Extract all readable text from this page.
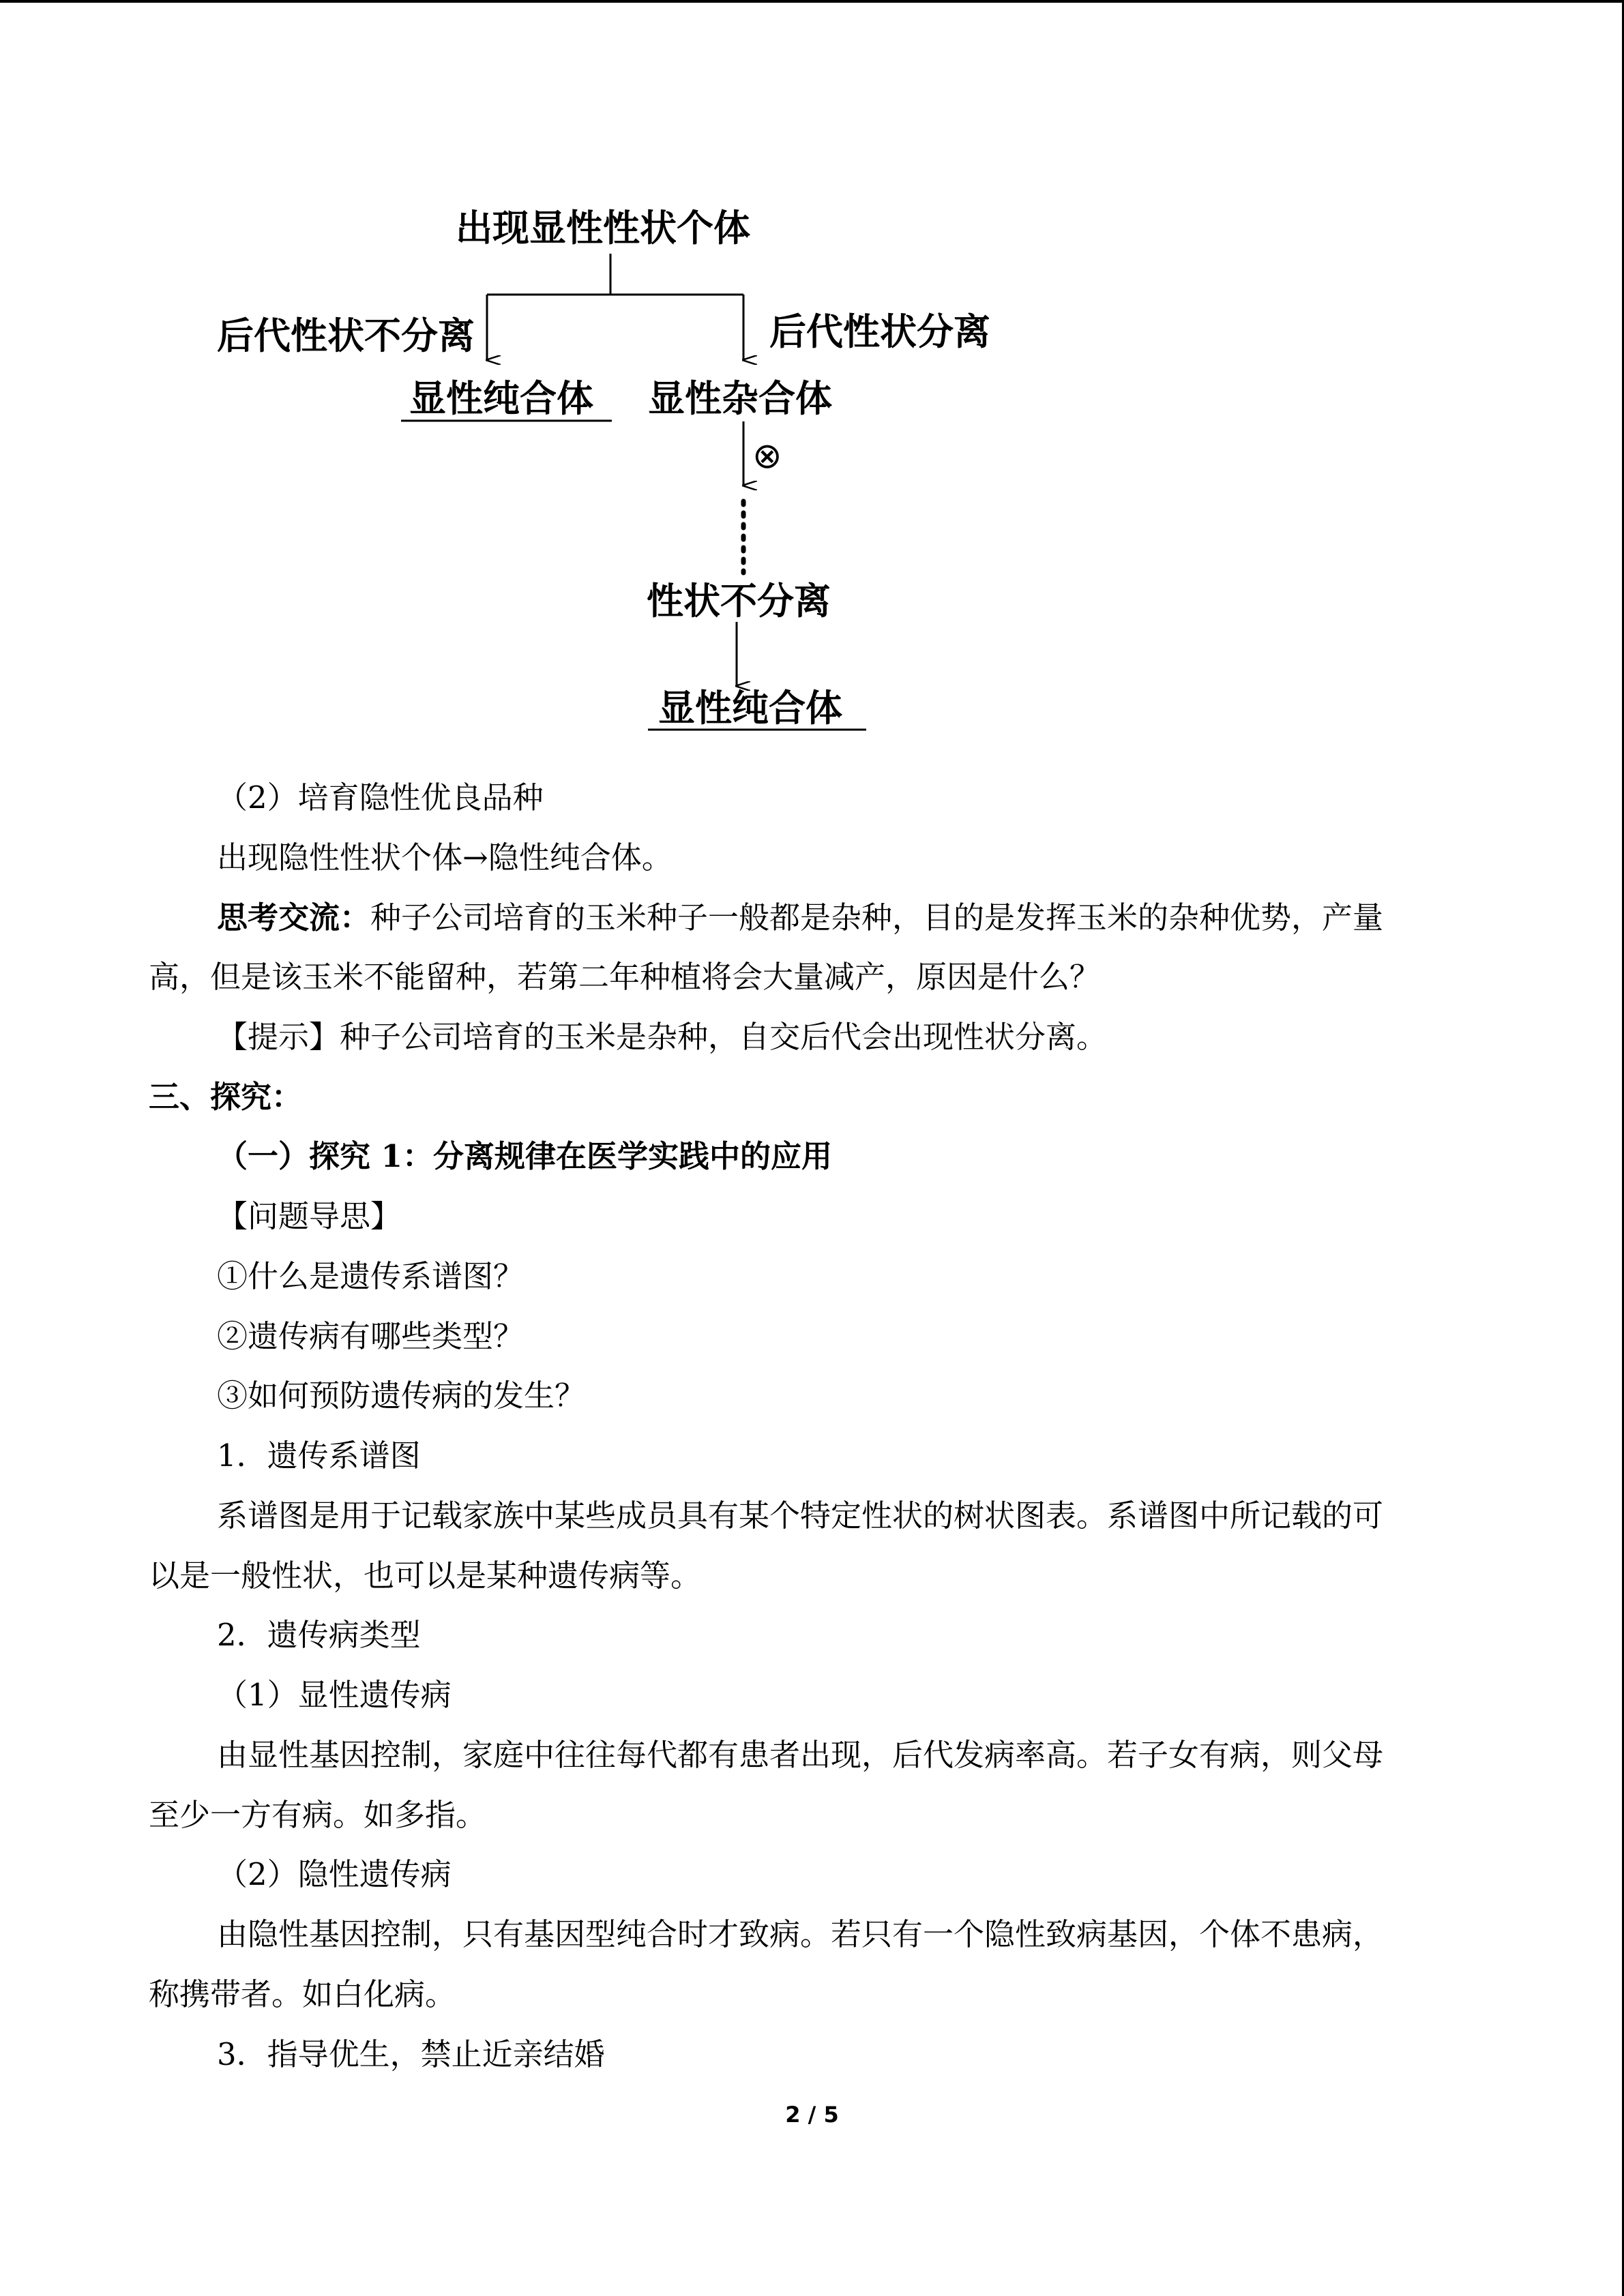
出现显性性状个体
后代性状不分离	后代性状分离
显性纯合体 显性杂合体
⊗
性状不分离
显性纯合体
（2）培育隐性优良品种
出现隐性性状个体→隐性纯合体。
思考交流：种子公司培育的玉米种子一般都是杂种，目的是发挥玉米的杂种优势，产量
高，但是该玉米不能留种，若第二年种植将会大量减产，原因是什么？
【提示】种子公司培育的玉米是杂种，自交后代会出现性状分离。
三、探究：
（一）探究 1：分离规律在医学实践中的应用
【问题导思】
①什么是遗传系谱图？
②遗传病有哪些类型？
③如何预防遗传病的发生？
1．遗传系谱图
系谱图是用于记载家族中某些成员具有某个特定性状的树状图表。系谱图中所记载的可
以是一般性状，也可以是某种遗传病等。
2．遗传病类型
（1）显性遗传病
由显性基因控制，家庭中往往每代都有患者出现，后代发病率高。若子女有病，则父母
至少一方有病。如多指。
（2）隐性遗传病
由隐性基因控制，只有基因型纯合时才致病。若只有一个隐性致病基因，个体不患病，
称携带者。如白化病。
3．指导优生，禁止近亲结婚
2 / 5
